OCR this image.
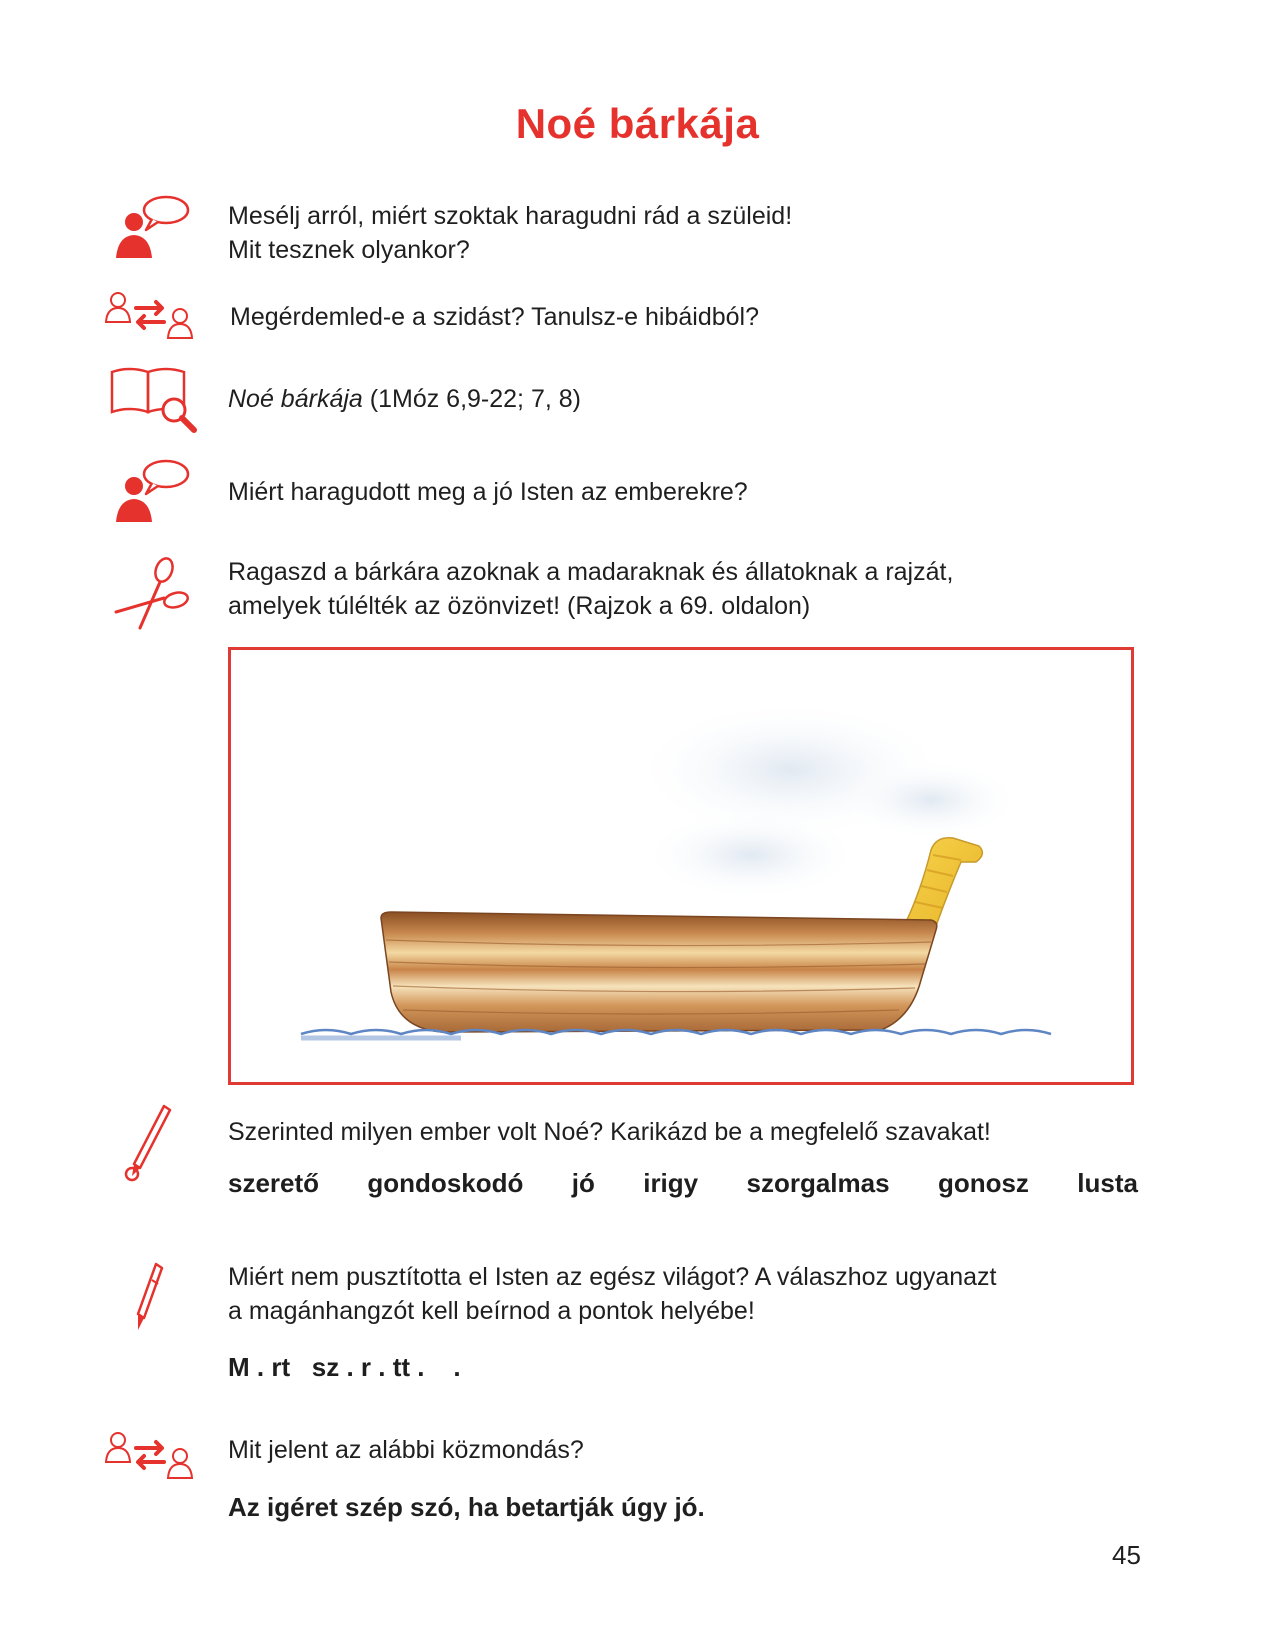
Noé bárkája
Mesélj arról, miért szoktak haragudni rád a szüleid!
Mit tesznek olyankor?
Megérdemled-e a szidást? Tanulsz-e hibáidból?
Noé bárkája (1Móz 6,9-22; 7, 8)
Miért haragudott meg a jó Isten az emberekre?
Ragaszd a bárkára azoknak a madaraknak és állatoknak a rajzát,
amelyek túlélték az özönvizet! (Rajzok a 69. oldalon)
Szerinted milyen ember volt Noé? Karikázd be a megfelelő szavakat!
szerető gondoskodó jó irigy szorgalmas gonosz lusta
Miért nem pusztította el Isten az egész világot? A válaszhoz ugyanazt
a magánhangzót kell beírnod a pontok helyébe!
M . rt   sz . r . tt .    .
Mit jelent az alábbi közmondás?
Az igéret szép szó, ha betartják úgy jó.
45
